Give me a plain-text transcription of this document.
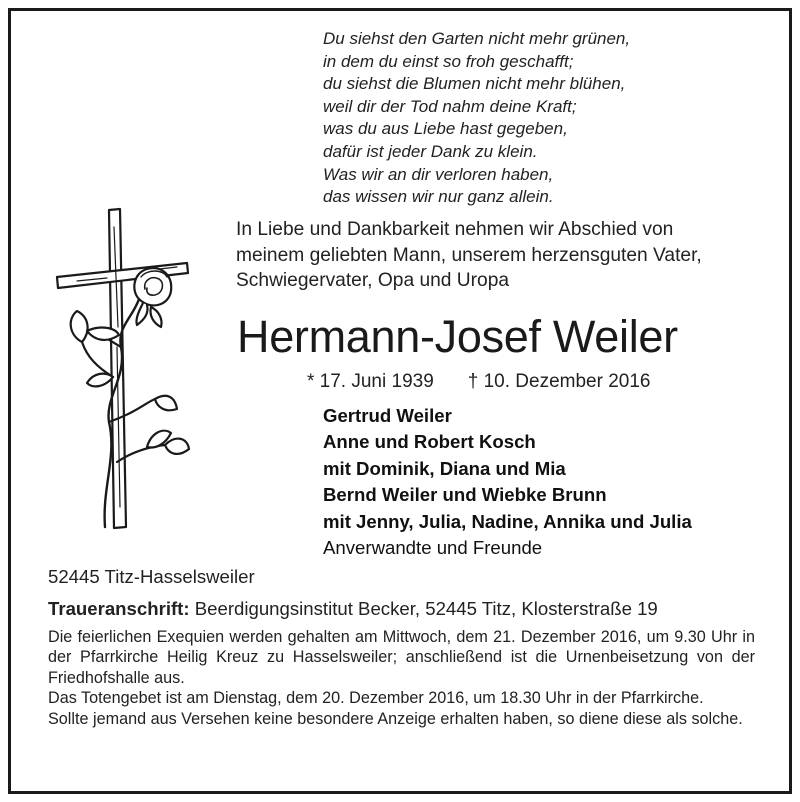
Du siehst den Garten nicht mehr grünen,
in dem du einst so froh geschafft;
du siehst die Blumen nicht mehr blühen,
weil dir der Tod nahm deine Kraft;
was du aus Liebe hast gegeben,
dafür ist jeder Dank zu klein.
Was wir an dir verloren haben,
das wissen wir nur ganz allein.
In Liebe und Dankbarkeit nehmen wir Abschied von
meinem geliebten Mann, unserem herzensguten Vater,
Schwiegervater, Opa und Uropa
Hermann-Josef Weiler
* 17. Juni 1939 † 10. Dezember 2016
Gertrud Weiler
Anne und Robert Kosch
mit Dominik, Diana und Mia
Bernd Weiler und Wiebke Brunn
mit Jenny, Julia, Nadine, Annika und Julia
Anverwandte und Freunde
52445 Titz-Hasselsweiler
Traueranschrift: Beerdigungsinstitut Becker, 52445 Titz, Klosterstraße 19

Die feierlichen Exequien werden gehalten am Mittwoch, dem 21. Dezember 2016, um 9.30 Uhr in der Pfarrkirche Heilig Kreuz zu Hasselsweiler; anschließend ist die Urnenbeisetzung von der Friedhofshalle aus.

Das Totengebet ist am Dienstag, dem 20. Dezember 2016, um 18.30 Uhr in der Pfarrkirche.

Sollte jemand aus Versehen keine besondere Anzeige erhalten haben, so diene diese als solche.
